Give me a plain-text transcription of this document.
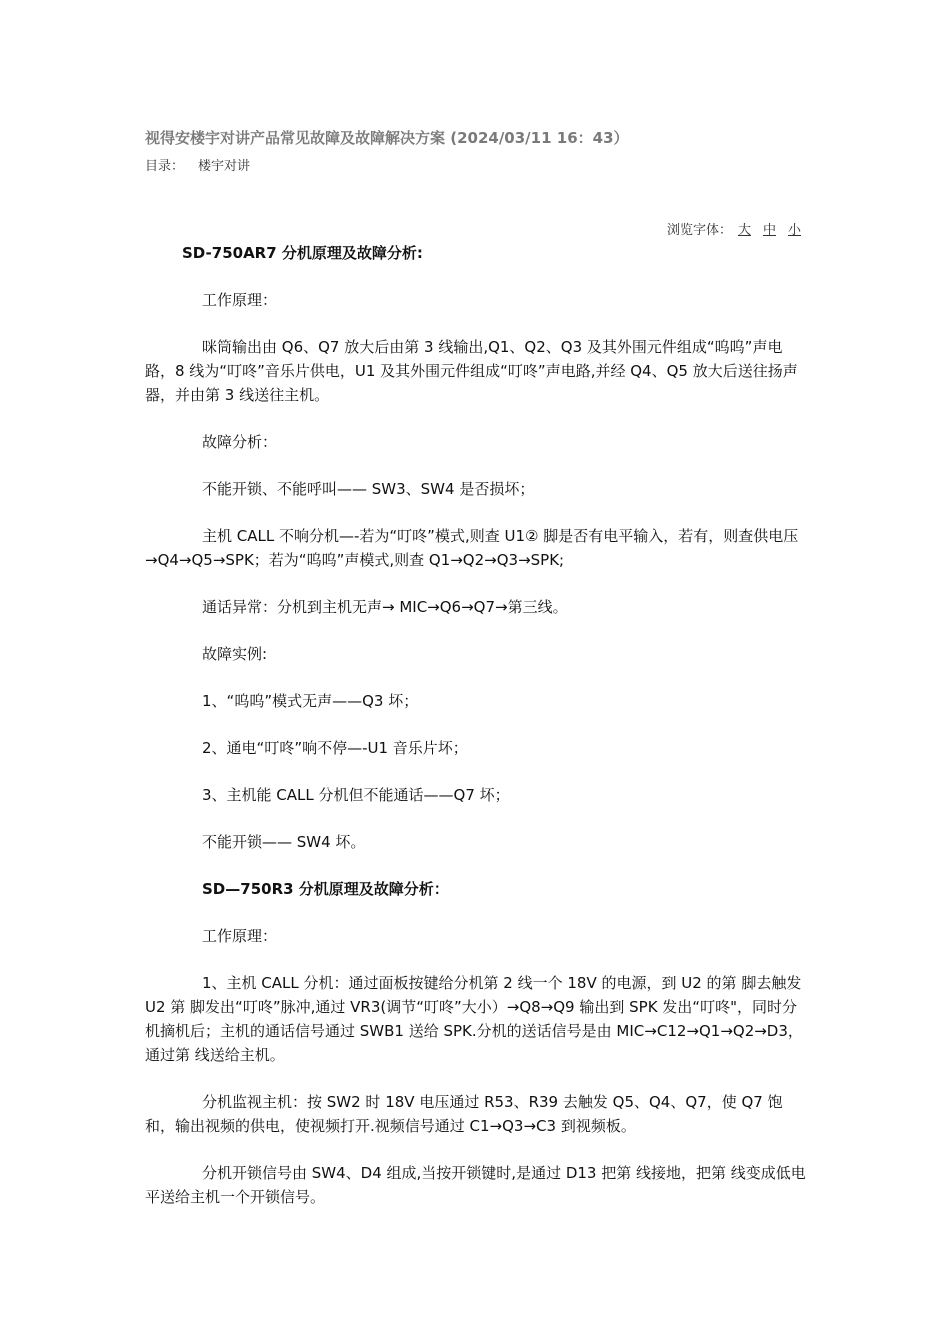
视得安楼宇对讲产品常见故障及故障解决方案 (2024/03/11 16：43）
目录： 楼宇对讲
浏览字体： 大 中 小

SD-750AR7 分机原理及故障分析:

工作原理：

咪筒输出由 Q6、Q7 放大后由第 3 线输出,Q1、Q2、Q3 及其外围元件组成“呜呜”声电路，8 线为“叮咚”音乐片供电，U1 及其外围元件组成“叮咚”声电路,并经 Q4、Q5 放大后送往扬声器，并由第 3 线送往主机。

故障分析：

不能开锁、不能呼叫—— SW3、SW4 是否损坏；

主机 CALL 不响分机—-若为“叮咚”模式,则查 U1② 脚是否有电平输入，若有，则查供电压→Q4→Q5→SPK；若为“呜呜”声模式,则查 Q1→Q2→Q3→SPK;

通话异常：分机到主机无声→ MIC→Q6→Q7→第三线。

故障实例:

1、“呜呜”模式无声——Q3 坏；

2、通电“叮咚”响不停—-U1 音乐片坏；

3、主机能 CALL 分机但不能通话——Q7 坏；

不能开锁—— SW4 坏。

SD—750R3 分机原理及故障分析：

工作原理：

1、主机 CALL 分机：通过面板按键给分机第 2 线一个 18V 的电源，到 U2 的第 脚去触发 U2 第 脚发出“叮咚”脉冲,通过 VR3(调节“叮咚”大小）→Q8→Q9 输出到 SPK 发出“叮咚"，同时分机摘机后；主机的通话信号通过 SWB1 送给 SPK.分机的送话信号是由 MIC→C12→Q1→Q2→D3，通过第 线送给主机。

分机监视主机：按 SW2 时 18V 电压通过 R53、R39 去触发 Q5、Q4、Q7，使 Q7 饱和，输出视频的供电，使视频打开.视频信号通过 C1→Q3→C3 到视频板。

分机开锁信号由 SW4、D4 组成,当按开锁键时,是通过 D13 把第 线接地，把第 线变成低电平送给主机一个开锁信号。
